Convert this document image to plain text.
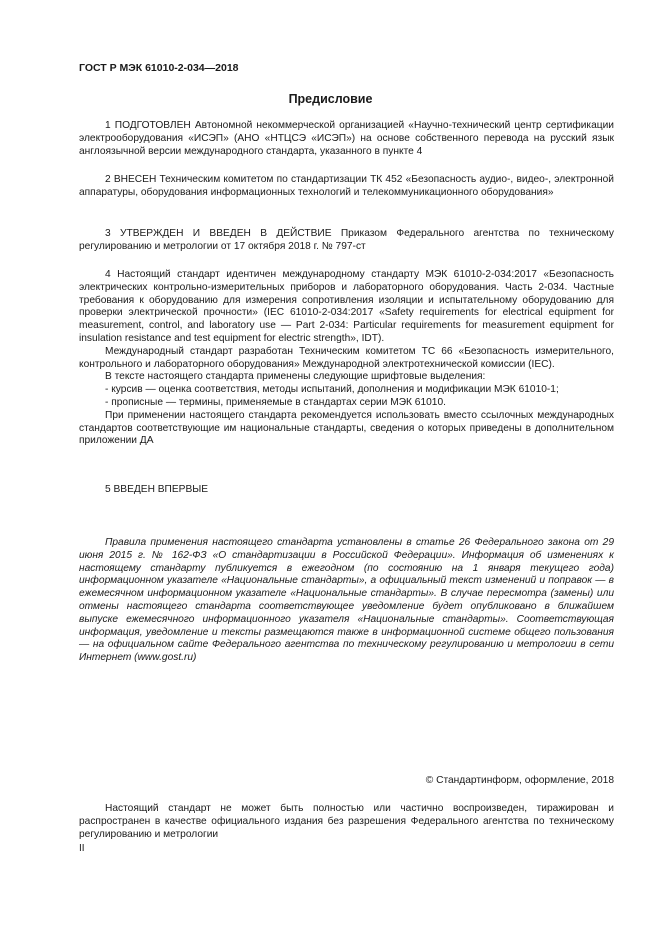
ГОСТ Р МЭК 61010-2-034—2018
Предисловие

1 ПОДГОТОВЛЕН Автономной некоммерческой организацией «Научно-технический центр сертификации электрооборудования «ИСЭП» (АНО «НТЦСЭ «ИСЭП») на основе собственного перевода на русский язык англоязычной версии международного стандарта, указанного в пункте 4

2 ВНЕСЕН Техническим комитетом по стандартизации ТК 452 «Безопасность аудио-, видео-, электронной аппаратуры, оборудования информационных технологий и телекоммуникационного оборудования»

3 УТВЕРЖДЕН И ВВЕДЕН В ДЕЙСТВИЕ Приказом Федерального агентства по техническому регулированию и метрологии от 17 октября 2018 г. № 797-ст

4 Настоящий стандарт идентичен международному стандарту МЭК 61010-2-034:2017 «Безопасность электрических контрольно-измерительных приборов и лабораторного оборудования. Часть 2-034. Частные требования к оборудованию для измерения сопротивления изоляции и испытательному оборудованию для проверки электрической прочности» (IEC 61010-2-034:2017 «Safety requirements for electrical equipment for measurement, control, and laboratory use — Part 2-034: Particular requirements for measurement equipment for insulation resistance and test equipment for electric strength», IDT).

Международный стандарт разработан Техническим комитетом ТС 66 «Безопасность измерительного, контрольного и лабораторного оборудования» Международной электротехнической комиссии (IEC).

В тексте настоящего стандарта применены следующие шрифтовые выделения:

- курсив — оценка соответствия, методы испытаний, дополнения и модификации МЭК 61010-1;

- прописные — термины, применяемые в стандартах серии МЭК 61010.

При применении настоящего стандарта рекомендуется использовать вместо ссылочных международных стандартов соответствующие им национальные стандарты, сведения о которых приведены в дополнительном приложении ДА

5 ВВЕДЕН ВПЕРВЫЕ

Правила применения настоящего стандарта установлены в статье 26 Федерального закона от 29 июня 2015 г. № 162-ФЗ «О стандартизации в Российской Федерации». Информация об изменениях к настоящему стандарту публикуется в ежегодном (по состоянию на 1 января текущего года) информационном указателе «Национальные стандарты», а официальный текст изменений и поправок — в ежемесячном информационном указателе «Национальные стандарты». В случае пересмотра (замены) или отмены настоящего стандарта соответствующее уведомление будет опубликовано в ближайшем выпуске ежемесячного информационного указателя «Национальные стандарты». Соответствующая информация, уведомление и тексты размещаются также в информационной системе общего пользования — на официальном сайте Федерального агентства по техническому регулированию и метрологии в сети Интернет (www.gost.ru)

© Стандартинформ, оформление, 2018

Настоящий стандарт не может быть полностью или частично воспроизведен, тиражирован и распространен в качестве официального издания без разрешения Федерального агентства по техническому регулированию и метрологии

II
